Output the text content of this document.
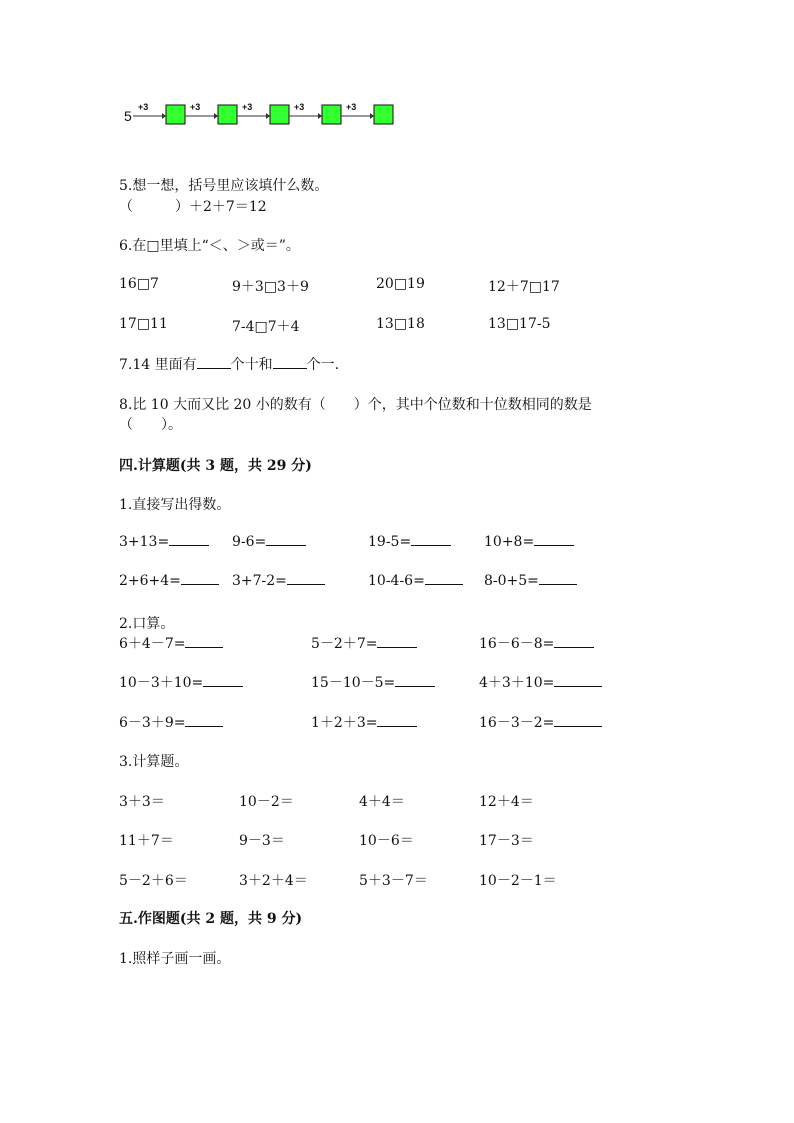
5
+3	+3	+3	+3	+3
5.想一想，括号里应该填什么数。
（　　　）＋2＋7＝12
6.在□里填上“＜、＞或＝”。
16□7	9＋3□3＋9	20□19	12＋7□17
17□11	7-4□7＋4	13□18	13□17-5
7.14 里面有 个十和 个一.
8.比 10 大而又比 20 小的数有（　　）个，其中个位数和十位数相同的数是
（　　）。
四.计算题(共 3 题，共 29 分)
1.直接写出得数。
3+13=	9-6=	19-5=	10+8=
2+6+4=	3+7-2=	10-4-6=	8-0+5=
2.口算。
6＋4－7=	5－2＋7=	16－6－8=
10－3＋10=	15－10－5=	4＋3＋10=
6－3＋9=	1＋2＋3=	16－3－2=
3.计算题。
3＋3＝	10－2＝	4＋4＝	12＋4＝
11＋7＝	9－3＝	10－6＝	17－3＝
5－2＋6＝	3＋2＋4＝	5＋3－7＝	10－2－1＝
五.作图题(共 2 题，共 9 分)
1.照样子画一画。
